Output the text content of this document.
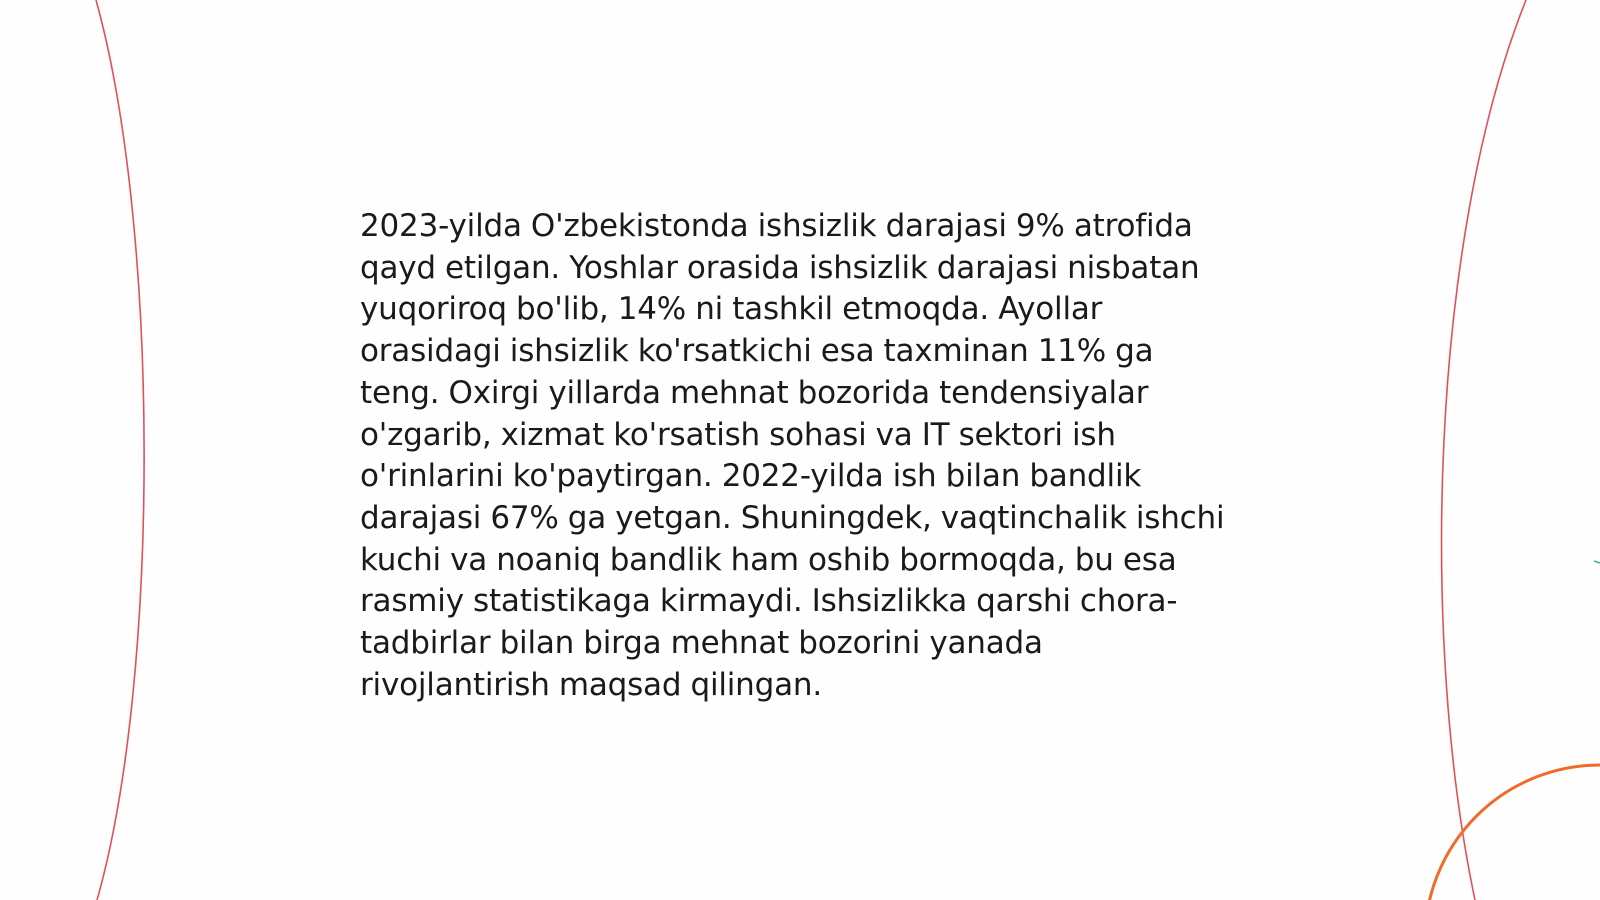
2023-yilda O'zbekistonda ishsizlik darajasi 9% atrofida qayd etilgan. Yoshlar orasida ishsizlik darajasi nisbatan yuqoriroq bo'lib, 14% ni tashkil etmoqda. Ayollar orasidagi ishsizlik ko'rsatkichi esa taxminan 11% ga teng. Oxirgi yillarda mehnat bozorida tendensiyalar o'zgarib, xizmat ko'rsatish sohasi va IT sektori ish o'rinlarini ko'paytirgan. 2022-yilda ish bilan bandlik darajasi 67% ga yetgan. Shuningdek, vaqtinchalik ishchi kuchi va noaniq bandlik ham oshib bormoqda, bu esa rasmiy statistikaga kirmaydi. Ishsizlikka qarshi chora-tadbirlar bilan birga mehnat bozorini yanada rivojlantirish maqsad qilingan.
